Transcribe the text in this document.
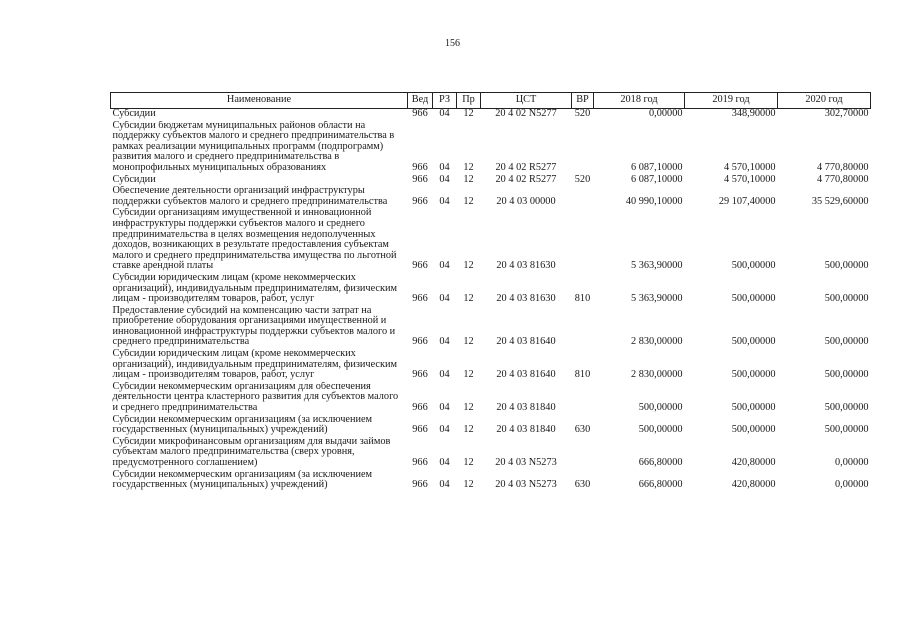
156
Наименование	Вед	РЗ	Пр	ЦСТ	ВР	2018 год	2019 год	2020 год
Субсидии	966	04	12	20 4 02 N5277	520	0,00000	348,90000	302,70000
Субсидии бюджетам муниципальных районов области на поддержку субъектов малого и среднего предпринимательства в рамках реализации муниципальных программ (подпрограмм) развития малого и среднего предпринимательства в монопрофильных муниципальных образованиях	966	04	12	20 4 02 R5277		6 087,10000	4 570,10000	4 770,80000
Субсидии	966	04	12	20 4 02 R5277	520	6 087,10000	4 570,10000	4 770,80000
Обеспечение деятельности организаций инфраструктуры поддержки субъектов малого и среднего предпринимательства	966	04	12	20 4 03 00000		40 990,10000	29 107,40000	35 529,60000
Субсидии организациям имущественной и инновационной инфраструктуры поддержки субъектов малого и среднего предпринимательства в целях возмещения недополученных доходов, возникающих в результате предоставления субъектам малого и среднего предпринимательства имущества по льготной ставке арендной платы	966	04	12	20 4 03 81630		5 363,90000	500,00000	500,00000
Субсидии юридическим лицам (кроме некоммерческих организаций), индивидуальным предпринимателям, физическим лицам - производителям товаров, работ, услуг	966	04	12	20 4 03 81630	810	5 363,90000	500,00000	500,00000
Предоставление субсидий на компенсацию части затрат на приобретение оборудования организациями имущественной и инновационной инфраструктуры поддержки субъектов малого и среднего предпринимательства	966	04	12	20 4 03 81640		2 830,00000	500,00000	500,00000
Субсидии юридическим лицам (кроме некоммерческих организаций), индивидуальным предпринимателям, физическим лицам - производителям товаров, работ, услуг	966	04	12	20 4 03 81640	810	2 830,00000	500,00000	500,00000
Субсидии некоммерческим организациям для обеспечения деятельности центра кластерного развития для субъектов малого и среднего предпринимательства	966	04	12	20 4 03 81840		500,00000	500,00000	500,00000
Субсидии некоммерческим организациям (за исключением государственных (муниципальных) учреждений)	966	04	12	20 4 03 81840	630	500,00000	500,00000	500,00000
Субсидии микрофинансовым организациям для выдачи займов субъектам малого предпринимательства (сверх уровня, предусмотренного соглашением)	966	04	12	20 4 03 N5273		666,80000	420,80000	0,00000
Субсидии некоммерческим организациям (за исключением государственных (муниципальных) учреждений)	966	04	12	20 4 03 N5273	630	666,80000	420,80000	0,00000
